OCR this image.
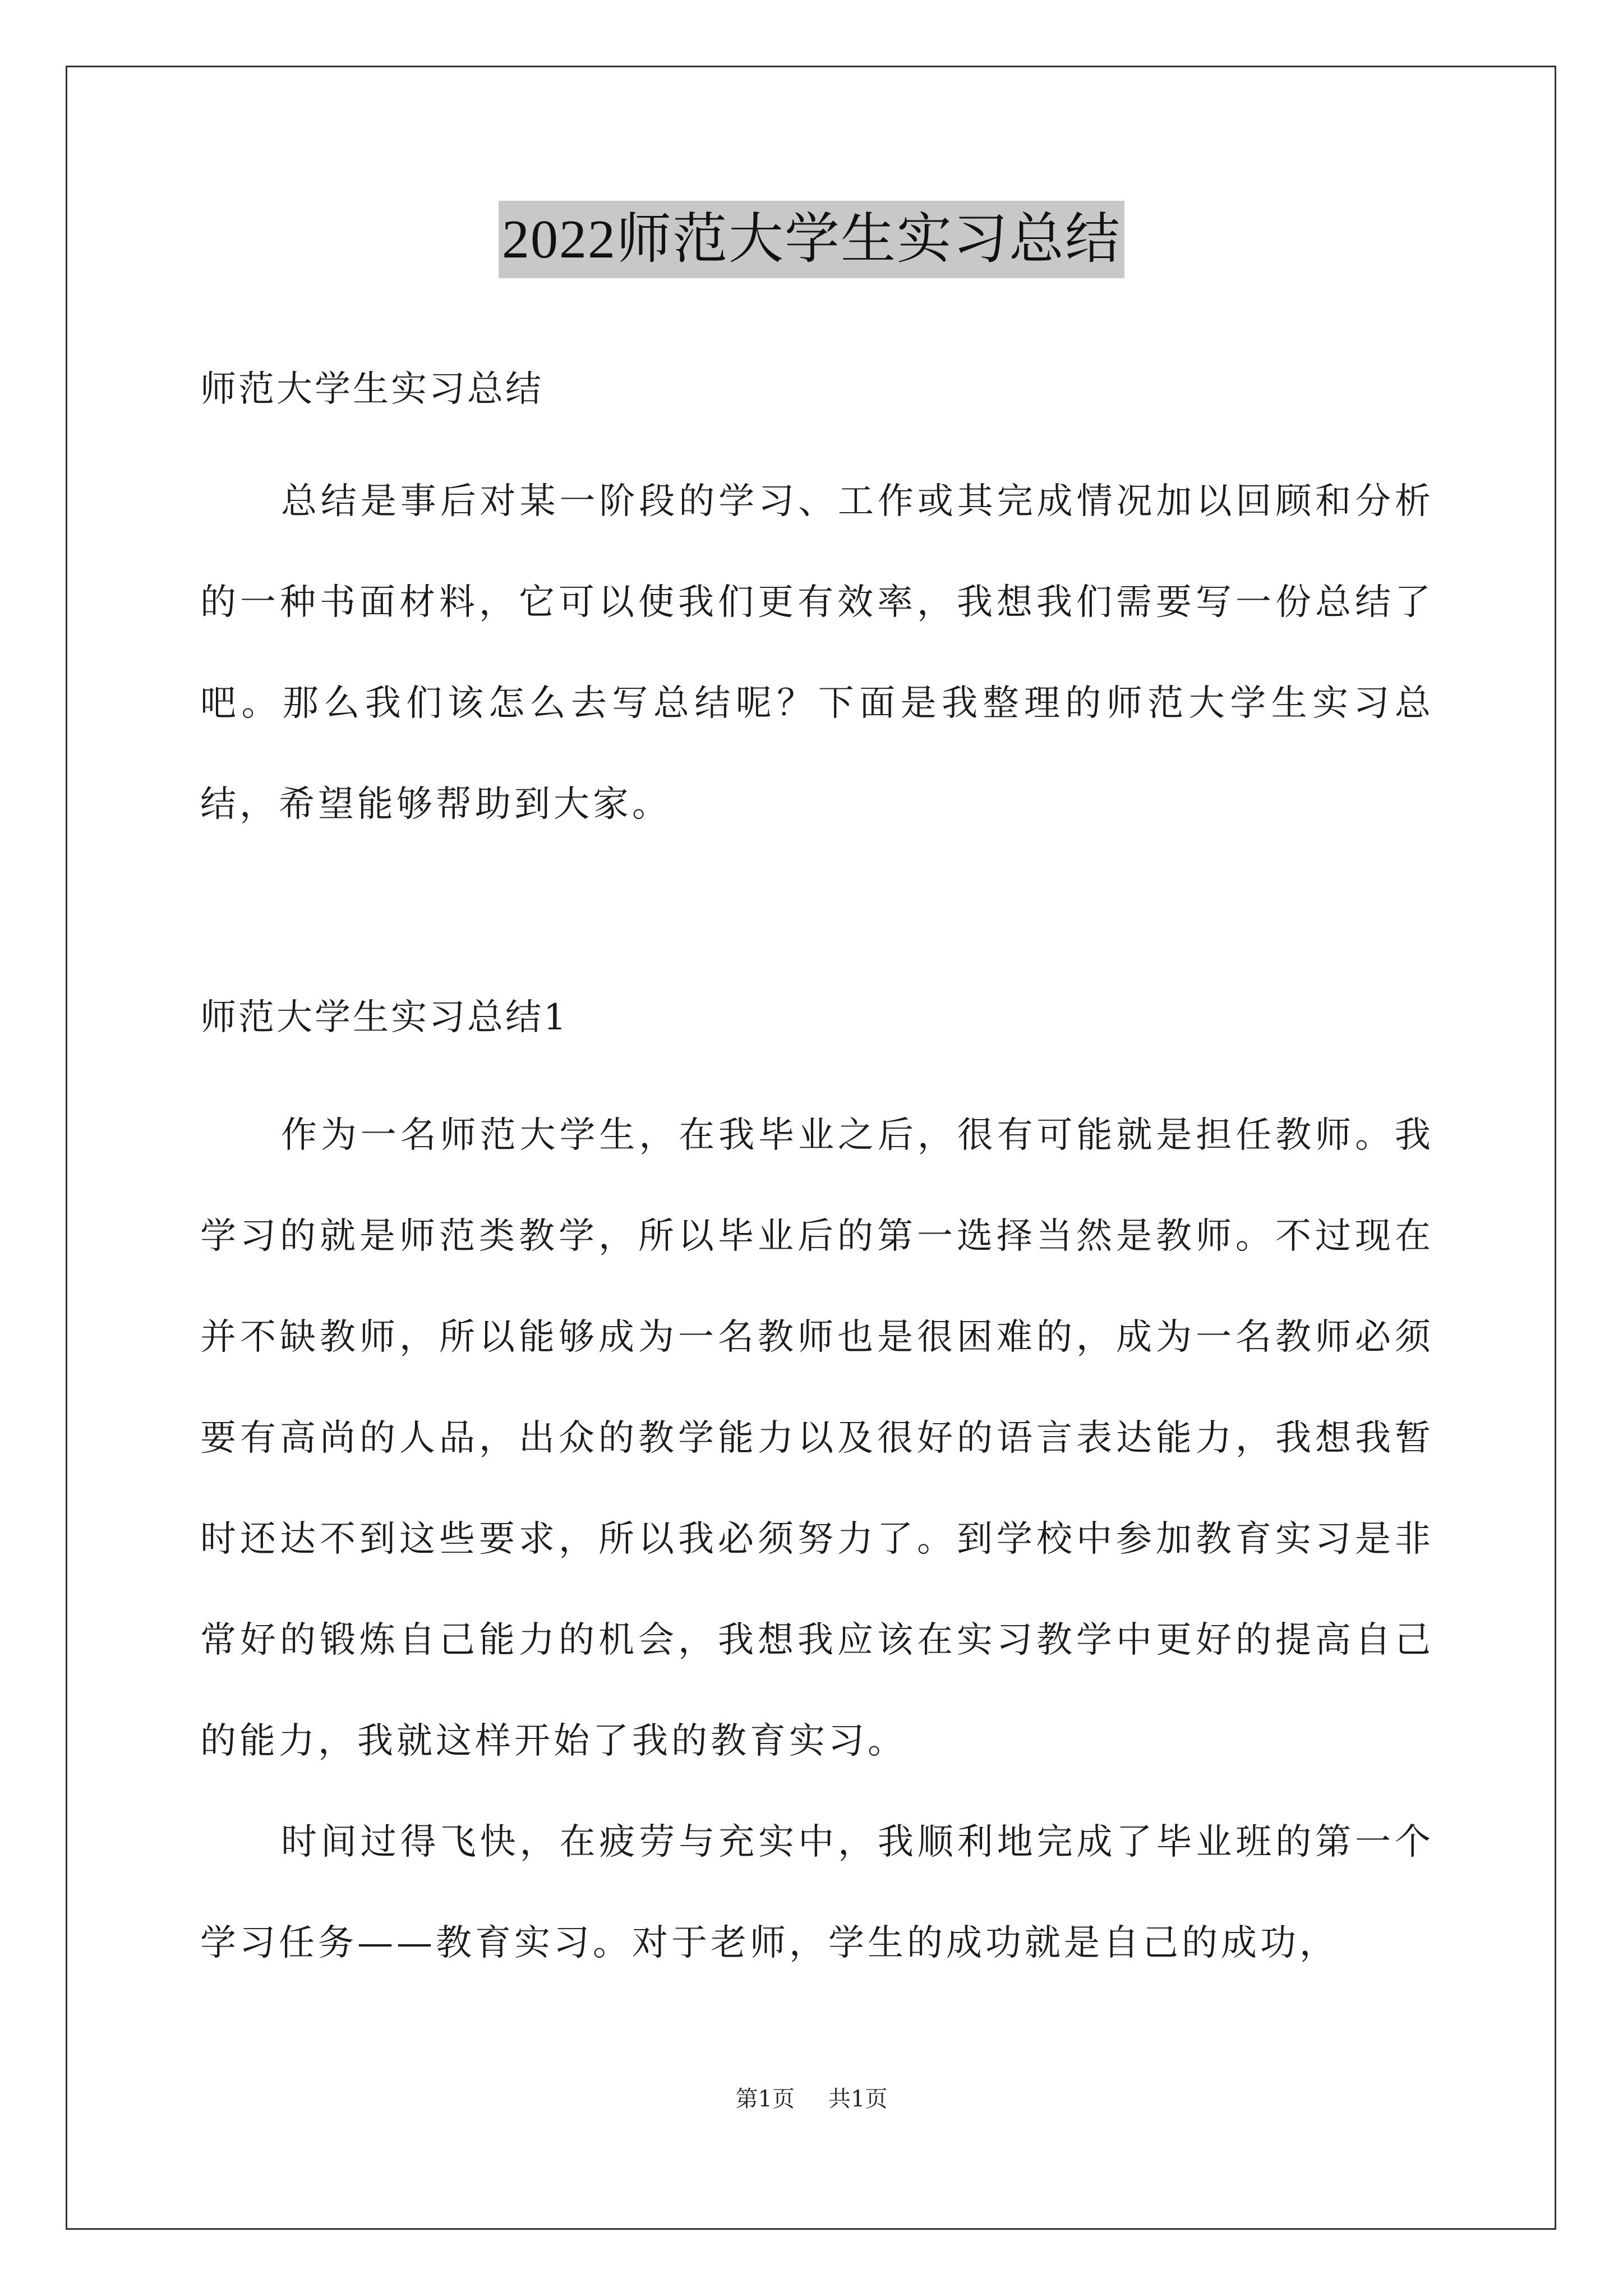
2022师范大学生实习总结

师范大学生实习总结

总结是事后对某一阶段的学习、工作或其完成情况加以回顾和分析的一种书面材料，它可以使我们更有效率，我想我们需要写一份总结了吧。那么我们该怎么去写总结呢？下面是我整理的师范大学生实习总结，希望能够帮助到大家。

师范大学生实习总结1

作为一名师范大学生，在我毕业之后，很有可能就是担任教师。我学习的就是师范类教学，所以毕业后的第一选择当然是教师。不过现在并不缺教师，所以能够成为一名教师也是很困难的，成为一名教师必须要有高尚的人品，出众的教学能力以及很好的语言表达能力，我想我暂时还达不到这些要求，所以我必须努力了。到学校中参加教育实习是非常好的锻炼自己能力的机会，我想我应该在实习教学中更好的提高自己的能力，我就这样开始了我的教育实习。

时间过得飞快，在疲劳与充实中，我顺利地完成了毕业班的第一个学习任务——教育实习。对于老师，学生的成功就是自己的成功，

第1页 共1页
